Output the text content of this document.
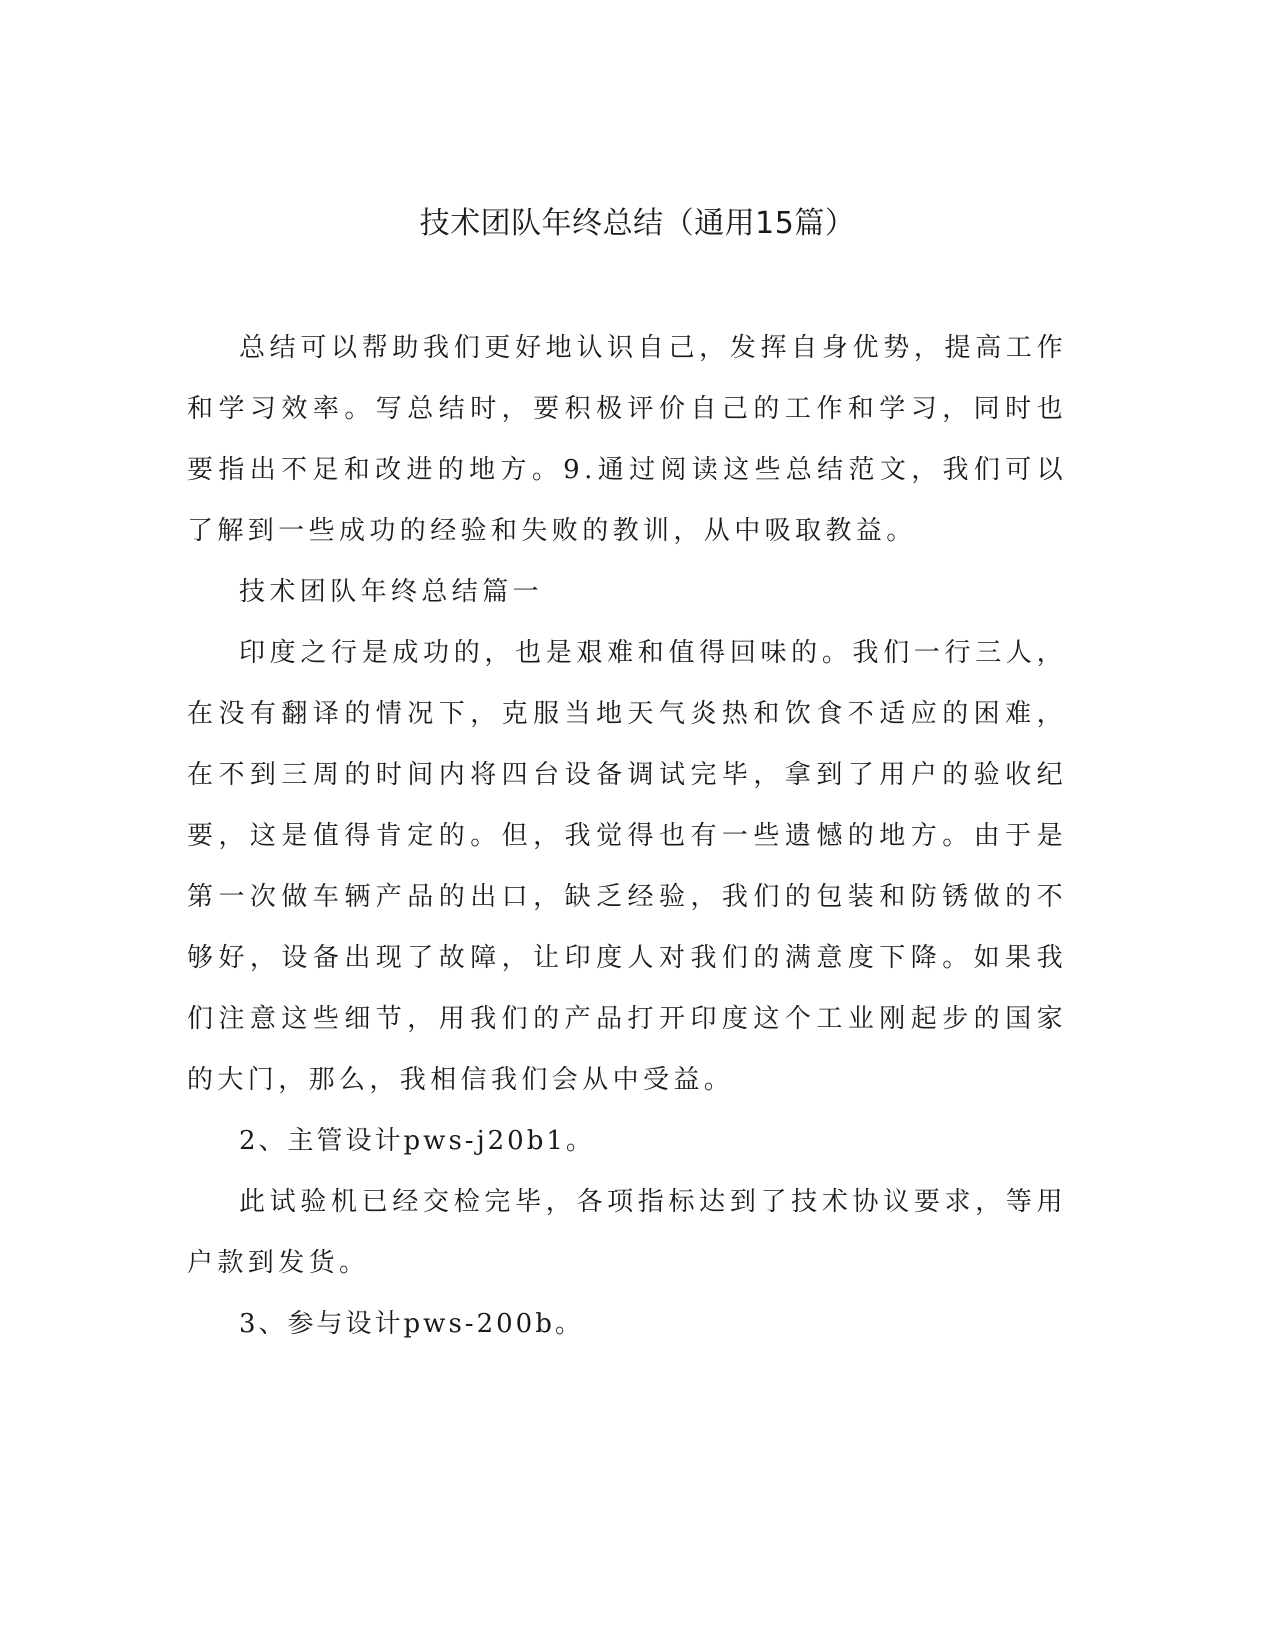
技术团队年终总结（通用15篇）

总结可以帮助我们更好地认识自己，发挥自身优势，提高工作和学习效率。写总结时，要积极评价自己的工作和学习，同时也要指出不足和改进的地方。9.通过阅读这些总结范文，我们可以了解到一些成功的经验和失败的教训，从中吸取教益。

技术团队年终总结篇一

印度之行是成功的，也是艰难和值得回味的。我们一行三人，在没有翻译的情况下，克服当地天气炎热和饮食不适应的困难，在不到三周的时间内将四台设备调试完毕，拿到了用户的验收纪要，这是值得肯定的。但，我觉得也有一些遗憾的地方。由于是第一次做车辆产品的出口，缺乏经验，我们的包装和防锈做的不够好，设备出现了故障，让印度人对我们的满意度下降。如果我们注意这些细节，用我们的产品打开印度这个工业刚起步的国家的大门，那么，我相信我们会从中受益。

2、主管设计pws-j20b1。

此试验机已经交检完毕，各项指标达到了技术协议要求，等用户款到发货。

3、参与设计pws-200b。
